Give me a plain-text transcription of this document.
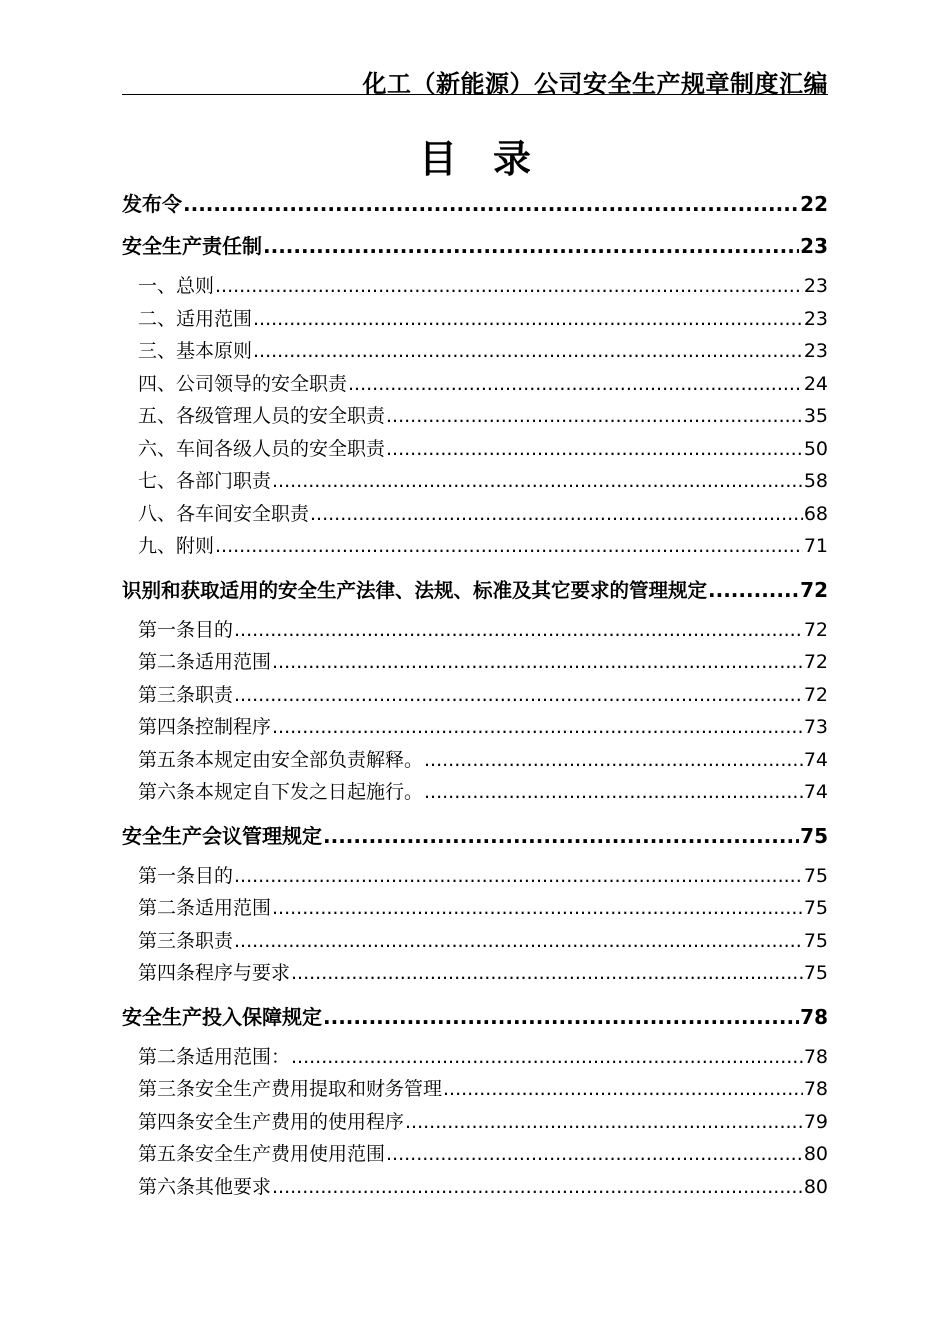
化工（新能源）公司安全生产规章制度汇编
目录
发布令 .....	22
安全生产责任制 .....	23
一、总则 .....	23
二、适用范围 .....	23
三、基本原则 .....	23
四、公司领导的安全职责 .....	24
五、各级管理人员的安全职责 .....	35
六、车间各级人员的安全职责 .....	50
七、各部门职责 .....	58
八、各车间安全职责 .....	68
九、附则 .....	71
识别和获取适用的安全生产法律、法规、标准及其它要求的管理规定 .....	72
第一条目的 .....	72
第二条适用范围 .....	72
第三条职责 .....	72
第四条控制程序 .....	73
第五条本规定由安全部负责解释。 .....	74
第六条本规定自下发之日起施行。 .....	74
安全生产会议管理规定 .....	75
第一条目的 .....	75
第二条适用范围 .....	75
第三条职责 .....	75
第四条程序与要求 .....	75
安全生产投入保障规定 .....	78
第二条适用范围： .....	78
第三条安全生产费用提取和财务管理 .....	78
第四条安全生产费用的使用程序 .....	79
第五条安全生产费用使用范围 .....	80
第六条其他要求 .....	80
